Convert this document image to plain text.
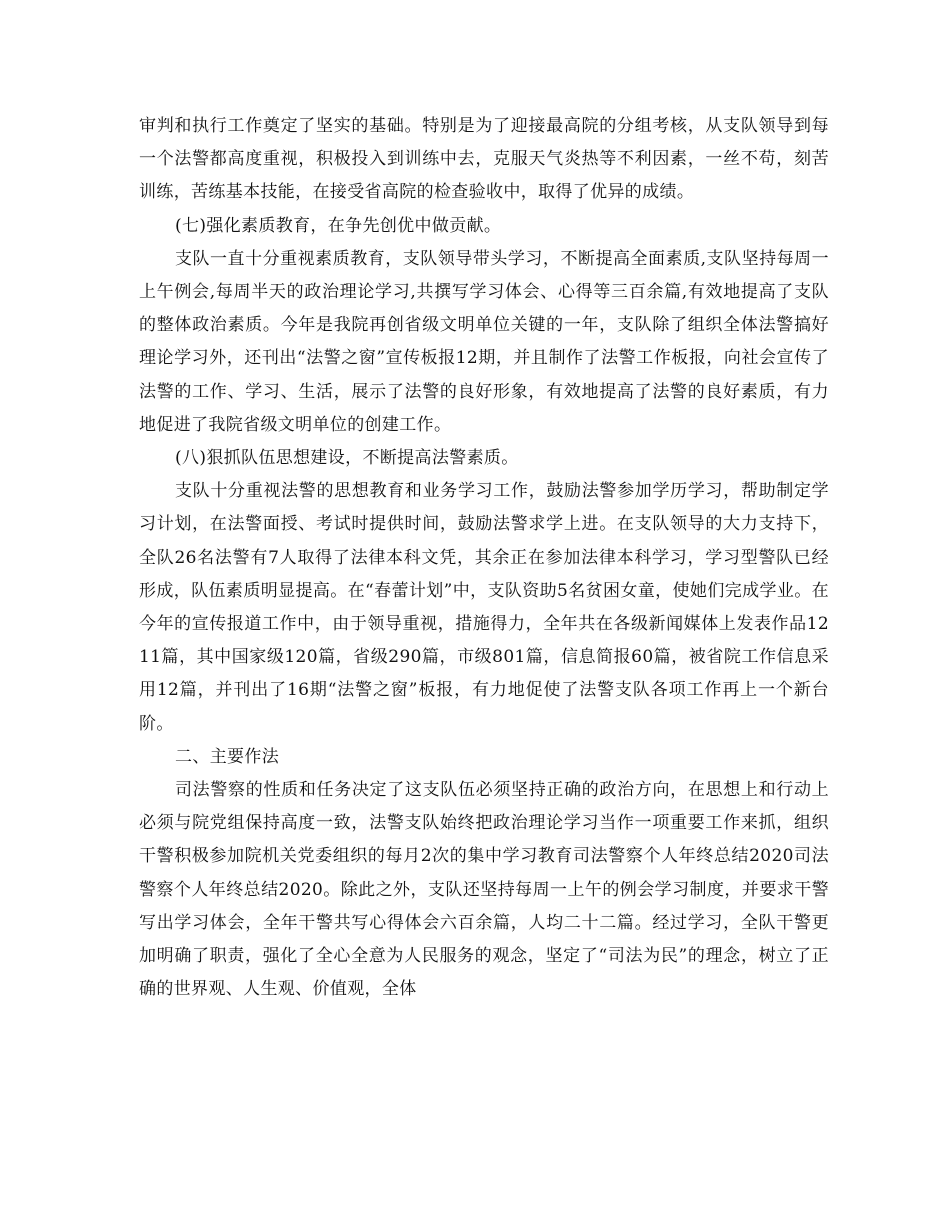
审判和执行工作奠定了坚实的基础。特别是为了迎接最高院的分组考核，从支队领导到每一个法警都高度重视，积极投入到训练中去，克服天气炎热等不利因素，一丝不苟，刻苦训练，苦练基本技能，在接受省高院的检查验收中，取得了优异的成绩。

(七)强化素质教育，在争先创优中做贡献。

支队一直十分重视素质教育，支队领导带头学习，不断提高全面素质,支队坚持每周一上午例会,每周半天的政治理论学习,共撰写学习体会、心得等三百余篇,有效地提高了支队的整体政治素质。今年是我院再创省级文明单位关键的一年，支队除了组织全体法警搞好理论学习外，还刊出“法警之窗”宣传板报12期，并且制作了法警工作板报，向社会宣传了法警的工作、学习、生活，展示了法警的良好形象，有效地提高了法警的良好素质，有力地促进了我院省级文明单位的创建工作。

(八)狠抓队伍思想建设，不断提高法警素质。

支队十分重视法警的思想教育和业务学习工作，鼓励法警参加学历学习，帮助制定学习计划，在法警面授、考试时提供时间，鼓励法警求学上进。在支队领导的大力支持下，全队26名法警有7人取得了法律本科文凭，其余正在参加法律本科学习，学习型警队已经形成，队伍素质明显提高。在“春蕾计划”中，支队资助5名贫困女童，使她们完成学业。在今年的宣传报道工作中，由于领导重视，措施得力，全年共在各级新闻媒体上发表作品1211篇，其中国家级120篇，省级290篇，市级801篇，信息简报60篇，被省院工作信息采用12篇，并刊出了16期“法警之窗”板报，有力地促使了法警支队各项工作再上一个新台阶。

二、主要作法

司法警察的性质和任务决定了这支队伍必须坚持正确的政治方向，在思想上和行动上必须与院党组保持高度一致，法警支队始终把政治理论学习当作一项重要工作来抓，组织干警积极参加院机关党委组织的每月2次的集中学习教育司法警察个人年终总结2020司法警察个人年终总结2020。除此之外，支队还坚持每周一上午的例会学习制度，并要求干警写出学习体会，全年干警共写心得体会六百余篇，人均二十二篇。经过学习，全队干警更加明确了职责，强化了全心全意为人民服务的观念，坚定了“司法为民”的理念，树立了正确的世界观、人生观、价值观，全体
